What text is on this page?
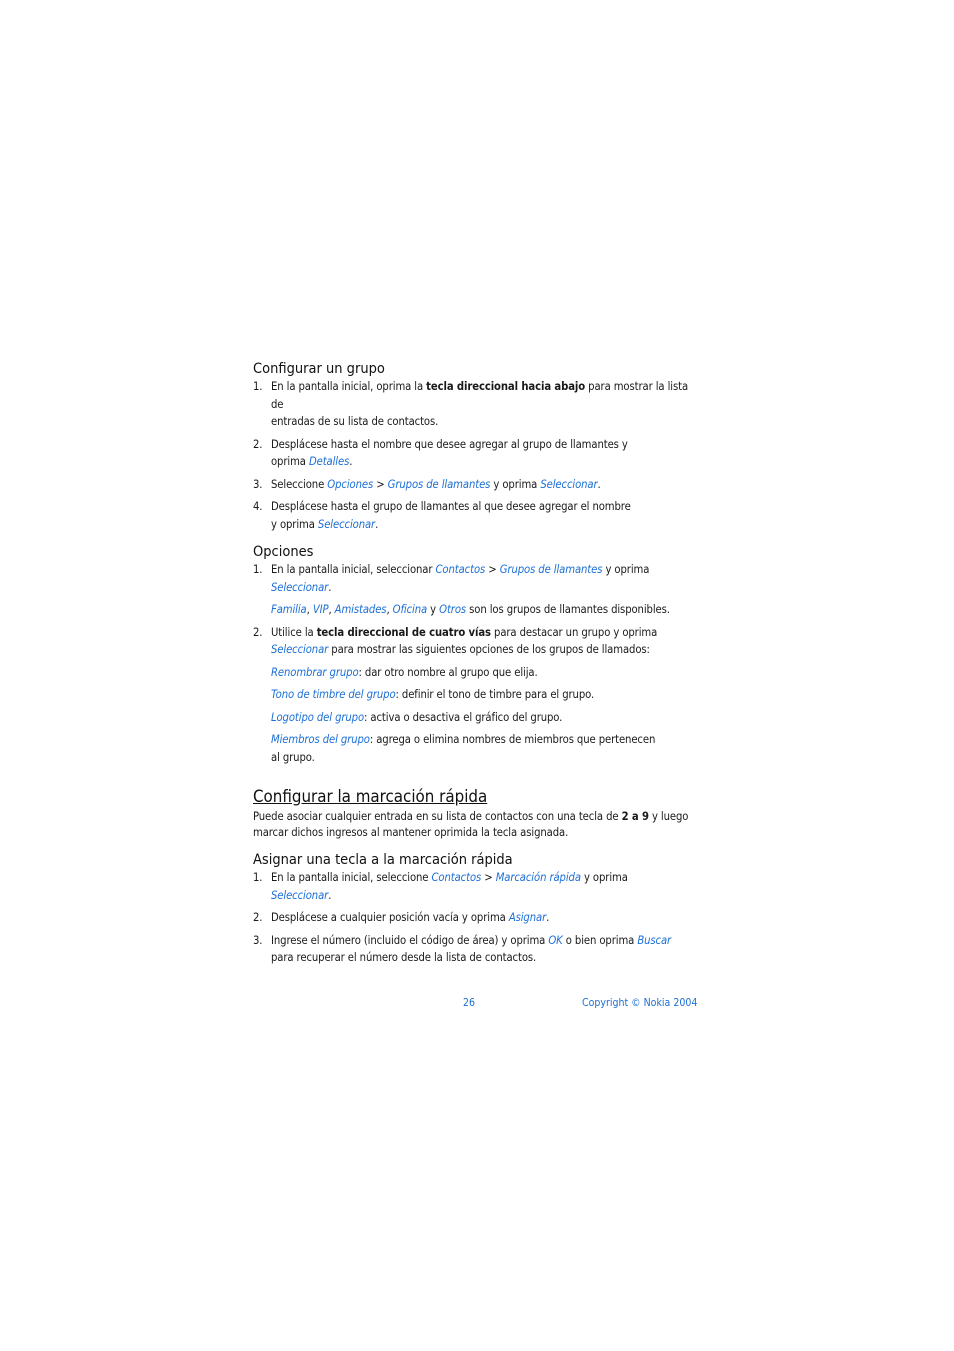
Configurar un grupo
1. En la pantalla inicial, oprima la tecla direccional hacia abajo para mostrar la lista de
entradas de su lista de contactos.
2. Desplácese hasta el nombre que desee agregar al grupo de llamantes y
oprima Detalles.
3. Seleccione Opciones > Grupos de llamantes y oprima Seleccionar.
4. Desplácese hasta el grupo de llamantes al que desee agregar el nombre
y oprima Seleccionar.
Opciones
1. En la pantalla inicial, seleccionar Contactos > Grupos de llamantes y oprima
Seleccionar.
Familia, VIP, Amistades, Oficina y Otros son los grupos de llamantes disponibles.
2. Utilice la tecla direccional de cuatro vías para destacar un grupo y oprima
Seleccionar para mostrar las siguientes opciones de los grupos de llamados:
Renombrar grupo: dar otro nombre al grupo que elija.
Tono de timbre del grupo: definir el tono de timbre para el grupo.
Logotipo del grupo: activa o desactiva el gráfico del grupo.
Miembros del grupo: agrega o elimina nombres de miembros que pertenecen
al grupo.
Configurar la marcación rápida
Puede asociar cualquier entrada en su lista de contactos con una tecla de 2 a 9 y luego
marcar dichos ingresos al mantener oprimida la tecla asignada.
Asignar una tecla a la marcación rápida
1. En la pantalla inicial, seleccione Contactos > Marcación rápida y oprima
Seleccionar.
2. Desplácese a cualquier posición vacía y oprima Asignar.
3. Ingrese el número (incluido el código de área) y oprima OK o bien oprima Buscar
para recuperar el número desde la lista de contactos.
26	Copyright © Nokia 2004
